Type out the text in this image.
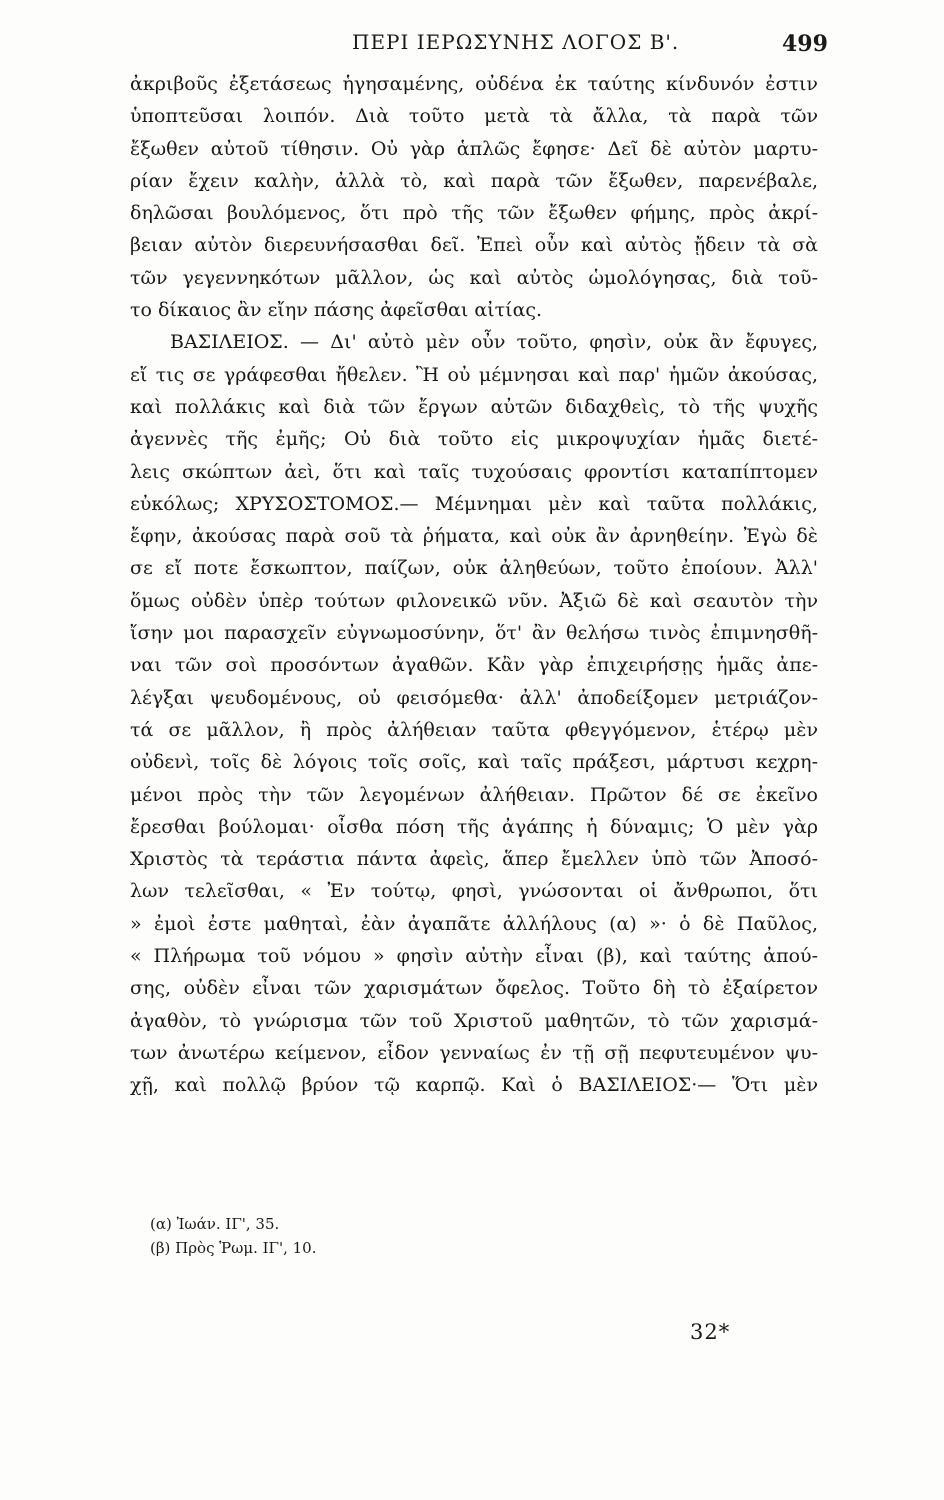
ΠΕΡΙ ΙΕΡΩΣΥΝΗΣ ΛΟΓΟΣ Β'.	499
ἀκριβοῦς ἐξετάσεως ἡγησαμένης, οὐδένα ἐκ ταύτης κίνδυνόν ἐστιν
ὑποπτεῦσαι λοιπόν. Διὰ τοῦτο μετὰ τὰ ἄλλα, τὰ παρὰ τῶν
ἔξωθεν αὐτοῦ τίθησιν. Οὐ γὰρ ἁπλῶς ἔφησε· Δεῖ δὲ αὐτὸν μαρτυ-
ρίαν ἔχειν καλὴν, ἀλλὰ τὸ, καὶ παρὰ τῶν ἔξωθεν, παρενέβαλε,
δηλῶσαι βουλόμενος, ὅτι πρὸ τῆς τῶν ἔξωθεν φήμης, πρὸς ἀκρί-
βειαν αὐτὸν διερευνήσασθαι δεῖ. Ἐπεὶ οὖν καὶ αὐτὸς ᾔδειν τὰ σὰ
τῶν γεγεννηκότων μᾶλλον, ὡς καὶ αὐτὸς ὡμολόγησας, διὰ τοῦ-
το δίκαιος ἂν εἴην πάσης ἀφεῖσθαι αἰτίας.
ΒΑΣΙΛΕΙΟΣ. — Δι' αὐτὸ μὲν οὖν τοῦτο, φησὶν, οὐκ ἂν ἔφυγες,
εἴ τις σε γράφεσθαι ἤθελεν. Ἢ οὐ μέμνησαι καὶ παρ' ἡμῶν ἀκούσας,
καὶ πολλάκις καὶ διὰ τῶν ἔργων αὐτῶν διδαχθεὶς, τὸ τῆς ψυχῆς
ἀγεννὲς τῆς ἐμῆς; Οὐ διὰ τοῦτο εἰς μικροψυχίαν ἡμᾶς διετέ-
λεις σκώπτων ἀεὶ, ὅτι καὶ ταῖς τυχούσαις φροντίσι καταπίπτομεν
εὐκόλως; ΧΡΥΣΟΣΤΟΜΟΣ.— Μέμνημαι μὲν καὶ ταῦτα πολλάκις,
ἔφην, ἀκούσας παρὰ σοῦ τὰ ῥήματα, καὶ οὐκ ἂν ἀρνηθείην. Ἐγὼ δὲ
σε εἴ ποτε ἔσκωπτον, παίζων, οὐκ ἀληθεύων, τοῦτο ἐποίουν. Ἀλλ'
ὅμως οὐδὲν ὑπὲρ τούτων φιλονεικῶ νῦν. Ἀξιῶ δὲ καὶ σεαυτὸν τὴν
ἴσην μοι παρασχεῖν εὐγνωμοσύνην, ὅτ' ἂν θελήσω τινὸς ἐπιμνησθῆ-
ναι τῶν σοὶ προσόντων ἀγαθῶν. Κἂν γὰρ ἐπιχειρήσῃς ἡμᾶς ἀπε-
λέγξαι ψευδομένους, οὐ φεισόμεθα· ἀλλ' ἀποδείξομεν μετριάζον-
τά σε μᾶλλον, ἢ πρὸς ἀλήθειαν ταῦτα φθεγγόμενον, ἑτέρῳ μὲν
οὐδενὶ, τοῖς δὲ λόγοις τοῖς σοῖς, καὶ ταῖς πράξεσι, μάρτυσι κεχρη-
μένοι πρὸς τὴν τῶν λεγομένων ἀλήθειαν. Πρῶτον δέ σε ἐκεῖνο
ἔρεσθαι βούλομαι· οἶσθα πόση τῆς ἀγάπης ἡ δύναμις; Ὁ μὲν γὰρ
Χριστὸς τὰ τεράστια πάντα ἀφεὶς, ἅπερ ἔμελλεν ὑπὸ τῶν Ἀποσό-
λων τελεῖσθαι, « Ἐν τούτῳ, φησὶ, γνώσονται οἱ ἄνθρωποι, ὅτι
» ἐμοὶ ἐστε μαθηταὶ, ἐὰν ἀγαπᾶτε ἀλλήλους (α) »· ὁ δὲ Παῦλος,
« Πλήρωμα τοῦ νόμου » φησὶν αὐτὴν εἶναι (β), καὶ ταύτης ἀπού-
σης, οὐδὲν εἶναι τῶν χαρισμάτων ὄφελος. Τοῦτο δὴ τὸ ἐξαίρετον
ἀγαθὸν, τὸ γνώρισμα τῶν τοῦ Χριστοῦ μαθητῶν, τὸ τῶν χαρισμά-
των ἀνωτέρω κείμενον, εἶδον γενναίως ἐν τῇ σῇ πεφυτευμένον ψυ-
χῇ, καὶ πολλῷ βρύον τῷ καρπῷ. Καὶ ὁ ΒΑΣΙΛΕΙΟΣ·— Ὅτι μὲν
(α) Ἰωάν. ΙΓ', 35.
(β) Πρὸς Ῥωμ. ΙΓ', 10.
32*
